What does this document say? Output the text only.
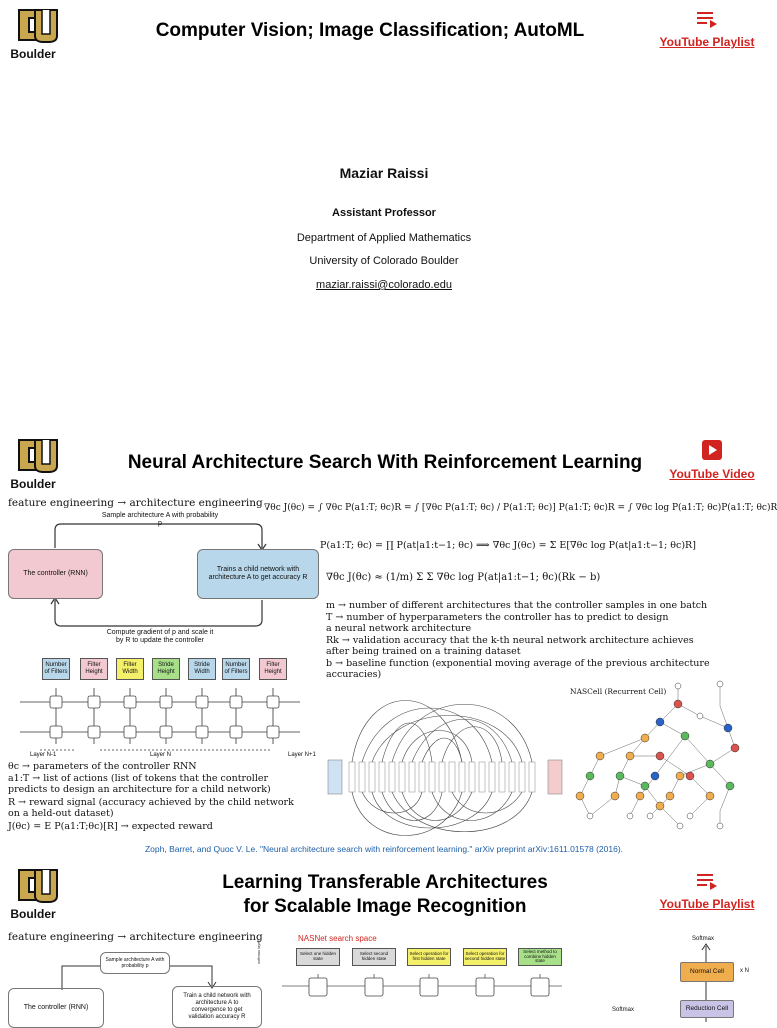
Boulder
Computer Vision; Image Classification; AutoML
YouTube Playlist
Maziar Raissi
Assistant Professor
Department of Applied Mathematics
University of Colorado Boulder
maziar.raissi@colorado.edu
Boulder
Neural Architecture Search With Reinforcement Learning
YouTube Video
feature engineering → architecture engineering
Sample architecture A with probability p
The controller (RNN)
Trains a child network with architecture A to get accuracy R
Compute gradient of p and scale it by R to update the controller
Number of Filters
Filter Height
Filter Width
Stride Height
Stride Width
Number of Filters
Filter Height
Layer N-1	Layer N	Layer N+1
θc → parameters of the controller RNN
a1:T → list of actions (list of tokens that the controller
predicts to design an architecture for a child network)
R → reward signal (accuracy achieved by the child network
on a held-out dataset)
J(θc) = E P(a1:T;θc)[R] → expected reward
∇θc J(θc) = ∫ ∇θc P(a1:T; θc)R = ∫ [∇θc P(a1:T; θc) / P(a1:T; θc)] P(a1:T; θc)R = ∫ ∇θc log P(a1:T; θc)P(a1:T; θc)R
P(a1:T; θc) = ∏ P(at|a1:t−1; θc) ⟹ ∇θc J(θc) = Σ E[∇θc log P(at|a1:t−1; θc)R]
∇θc J(θc) ≈ (1/m) Σ Σ ∇θc log P(at|a1:t−1; θc)(Rk − b)
m → number of different architectures that the controller samples in one batch
T → number of hyperparameters the controller has to predict to design
a neural network architecture
Rk → validation accuracy that the k-th neural network architecture achieves
after being trained on a training dataset
b → baseline function (exponential moving average of the previous architecture
accuracies)
NASCell (Recurrent Cell)
Zoph, Barret, and Quoc V. Le. "Neural architecture search with reinforcement learning." arXiv preprint arXiv:1611.01578 (2016).
Boulder
Learning Transferable Architectures
for Scalable Image Recognition	YouTube Playlist
feature engineering → architecture engineering
Sample architecture A with probability p
The controller (RNN)
Train a child network with architecture A to convergence to get validation accuracy R
NASNet search space
softmax layer	Select one hidden state
Select second hidden state
Select operation for first hidden state
Select operation for second hidden state
Select method to combine hidden state
Softmax
Softmax
Normal Cell	x N
Reduction Cell
